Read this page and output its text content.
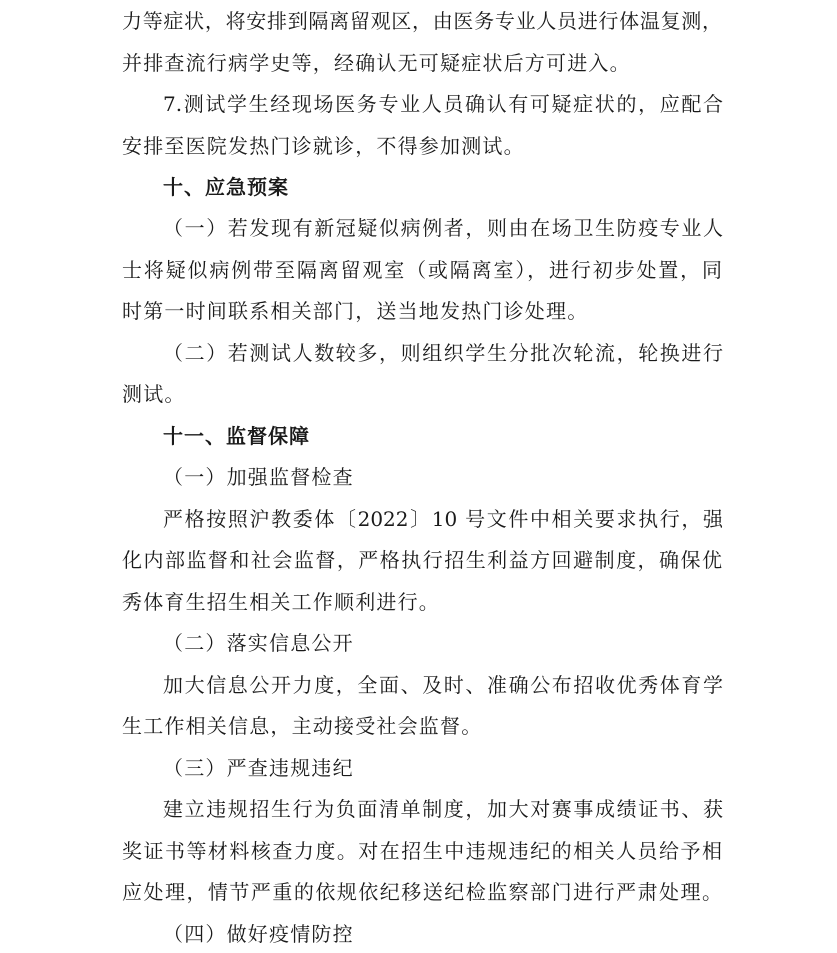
力等症状，将安排到隔离留观区，由医务专业人员进行体温复测，
并排查流行病学史等，经确认无可疑症状后方可进入。
7.测试学生经现场医务专业人员确认有可疑症状的，应配合
安排至医院发热门诊就诊，不得参加测试。
十、应急预案
（一）若发现有新冠疑似病例者，则由在场卫生防疫专业人
士将疑似病例带至隔离留观室（或隔离室），进行初步处置，同
时第一时间联系相关部门，送当地发热门诊处理。
（二）若测试人数较多，则组织学生分批次轮流，轮换进行
测试。
十一、监督保障
（一）加强监督检查
严格按照沪教委体〔2022〕10 号文件中相关要求执行，强
化内部监督和社会监督，严格执行招生利益方回避制度，确保优
秀体育生招生相关工作顺利进行。
（二）落实信息公开
加大信息公开力度，全面、及时、准确公布招收优秀体育学
生工作相关信息，主动接受社会监督。
（三）严查违规违纪
建立违规招生行为负面清单制度，加大对赛事成绩证书、获
奖证书等材料核查力度。对在招生中违规违纪的相关人员给予相
应处理，情节严重的依规依纪移送纪检监察部门进行严肃处理。
（四）做好疫情防控
